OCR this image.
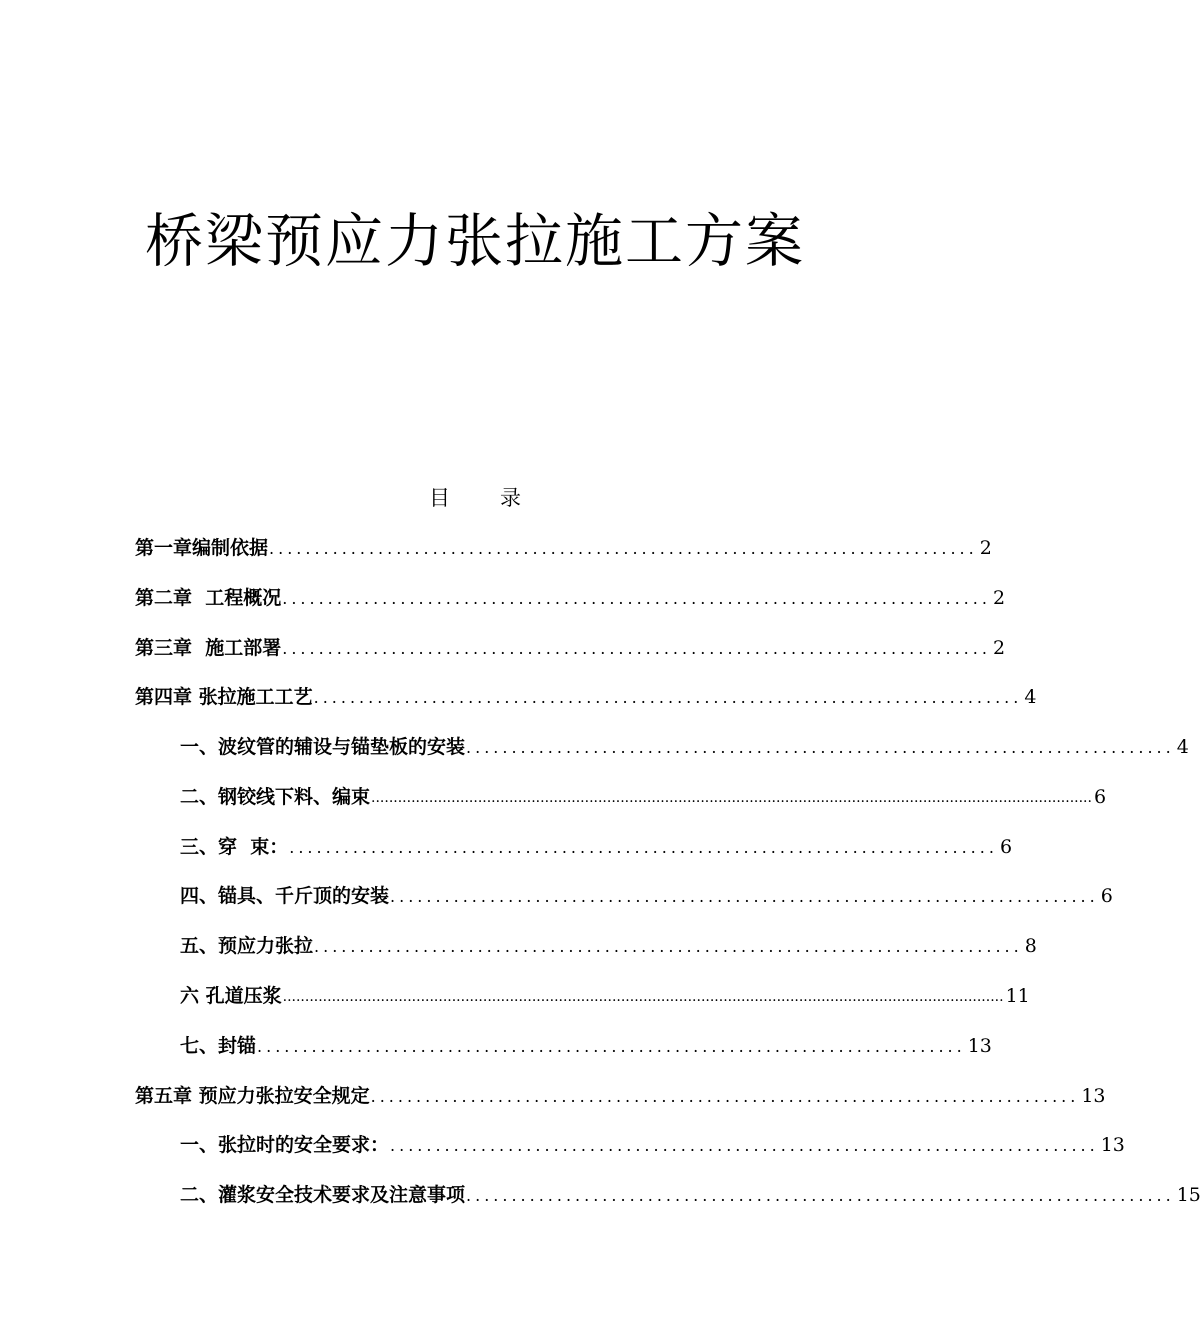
桥梁预应力张拉施工方案
目 录
第一章编制依据 .............................................................................. 2
第二章  工程概况 .............................................................................. 2
第三章  施工部署 .............................................................................. 2
第四章 张拉施工工艺 .............................................................................. 4
一、波纹管的辅设与锚垫板的安装 .............................................................................. 4
二、钢铰线下料、编束 .................................................................................................................................................................. 6
三、穿  束： .............................................................................. 6
四、锚具、千斤顶的安装 .............................................................................. 6
五、预应力张拉 .............................................................................. 8
六 孔道压浆 .................................................................................................................................................................. 11
七、封锚 .............................................................................. 13
第五章 预应力张拉安全规定 .............................................................................. 13
一、张拉时的安全要求： .............................................................................. 13
二、灌浆安全技术要求及注意事项 .............................................................................. 15
